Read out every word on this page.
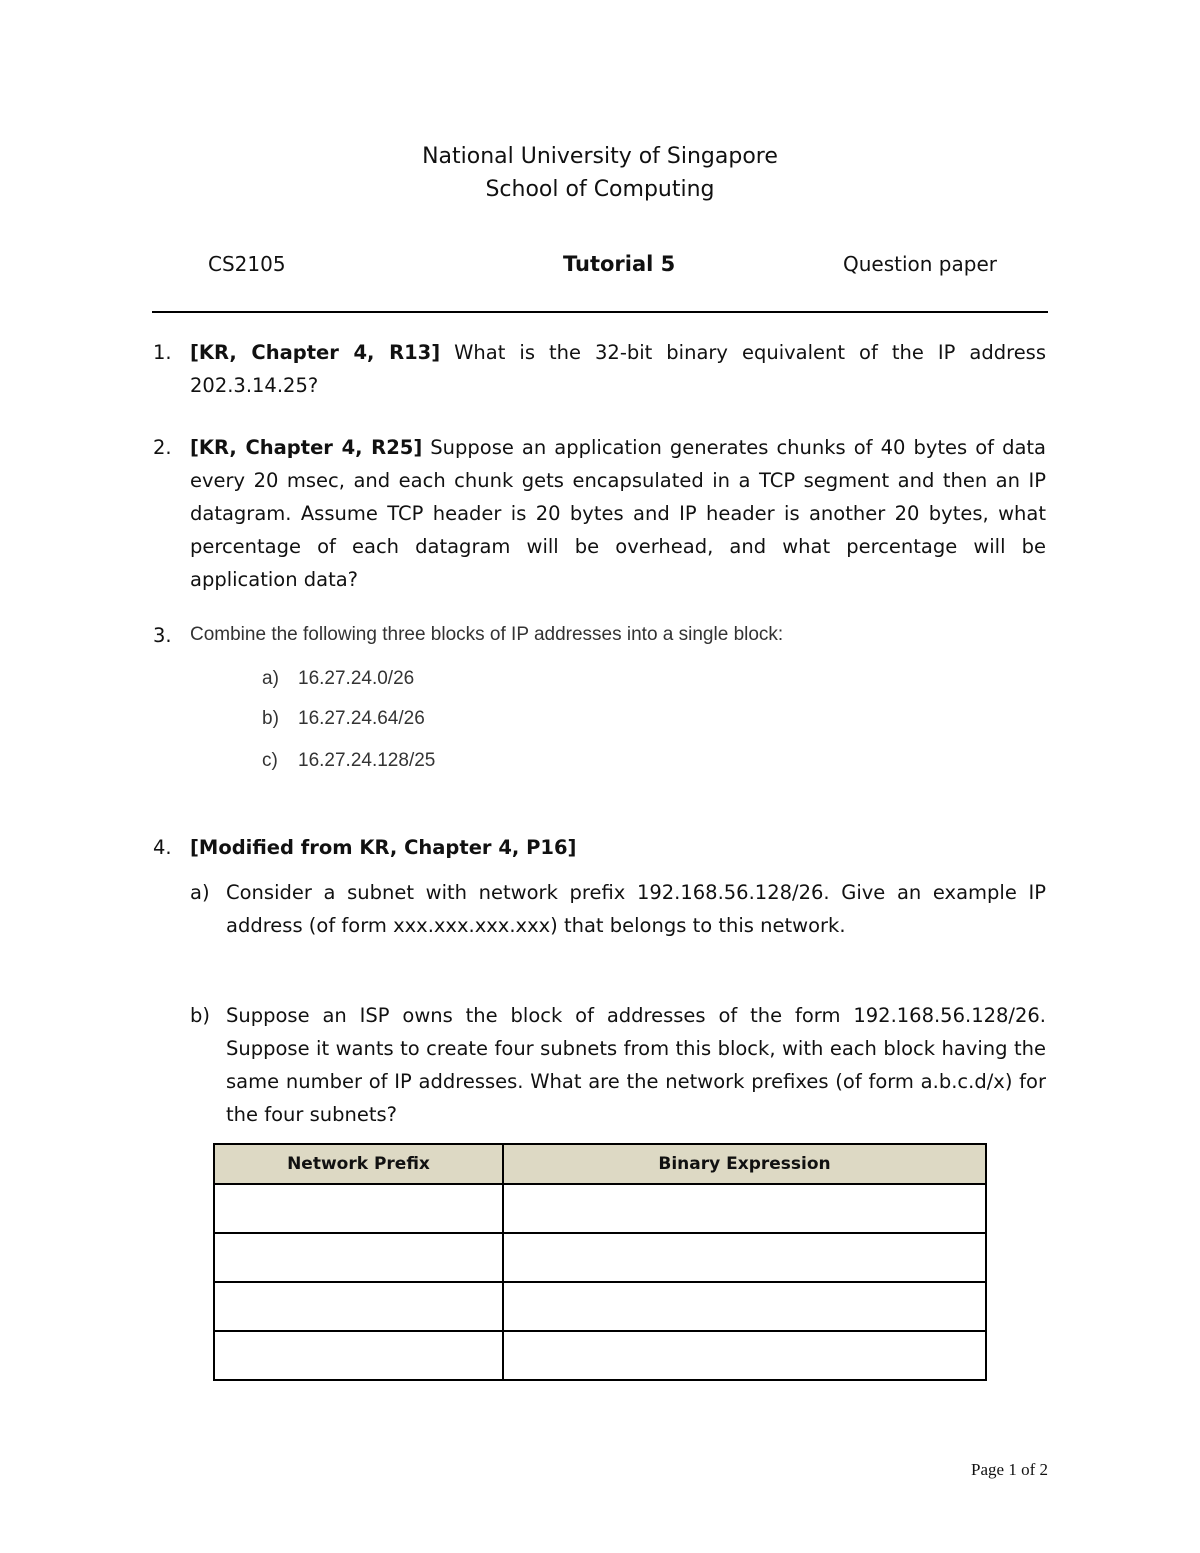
National University of Singapore
School of Computing
CS2105	Tutorial 5	Question paper
1. [KR, Chapter 4, R13] What is the 32-bit binary equivalent of the IP address 202.3.14.25?
2. [KR, Chapter 4, R25] Suppose an application generates chunks of 40 bytes of data every 20 msec, and each chunk gets encapsulated in a TCP segment and then an IP datagram. Assume TCP header is 20 bytes and IP header is another 20 bytes, what percentage of each datagram will be overhead, and what percentage will be application data?
3. Combine the following three blocks of IP addresses into a single block:
a) 16.27.24.0/26
b) 16.27.24.64/26
c) 16.27.24.128/25
4. [Modified from KR, Chapter 4, P16]
a) Consider a subnet with network prefix 192.168.56.128/26. Give an example IP address (of form xxx.xxx.xxx.xxx) that belongs to this network.
b) Suppose an ISP owns the block of addresses of the form 192.168.56.128/26. Suppose it wants to create four subnets from this block, with each block having the same number of IP addresses. What are the network prefixes (of form a.b.c.d/x) for the four subnets?
Network Prefix	Binary Expression

Page 1 of 2
